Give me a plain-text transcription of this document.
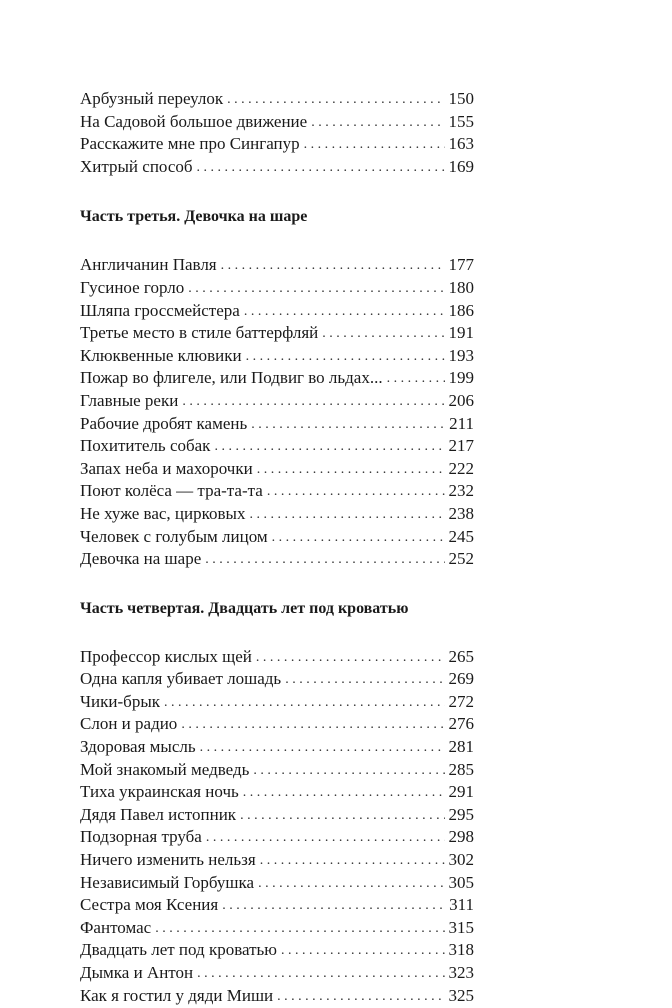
Арбузный переулок . . .	150
На Садовой большое движение . . .	155
Расскажите мне про Сингапур . . .	163
Хитрый способ . . .	169
Часть третья. Девочка на шаре
Англичанин Павля . . .	177
Гусиное горло . . .	180
Шляпа гроссмейстера . . .	186
Третье место в стиле баттерфляй . . .	191
Клюквенные клювики . . .	193
Пожар во флигеле, или Подвиг во льдах... . . .	199
Главные реки . . .	206
Рабочие дробят камень . . .	211
Похититель собак . . .	217
Запах неба и махорочки . . .	222
Поют колёса — тра-та-та . . .	232
Не хуже вас, цирковых . . .	238
Человек с голубым лицом . . .	245
Девочка на шаре . . .	252
Часть четвертая. Двадцать лет под кроватью
Профессор кислых щей . . .	265
Одна капля убивает лошадь . . .	269
Чики-брык . . .	272
Слон и радио . . .	276
Здоровая мысль . . .	281
Мой знакомый медведь . . .	285
Тиха украинская ночь . . .	291
Дядя Павел истопник . . .	295
Подзорная труба . . .	298
Ничего изменить нельзя . . .	302
Независимый Горбушка . . .	305
Сестра моя Ксения . . .	311
Фантомас . . .	315
Двадцать лет под кроватью . . .	318
Дымка и Антон . . .	323
Как я гостил у дяди Миши . . .	325
